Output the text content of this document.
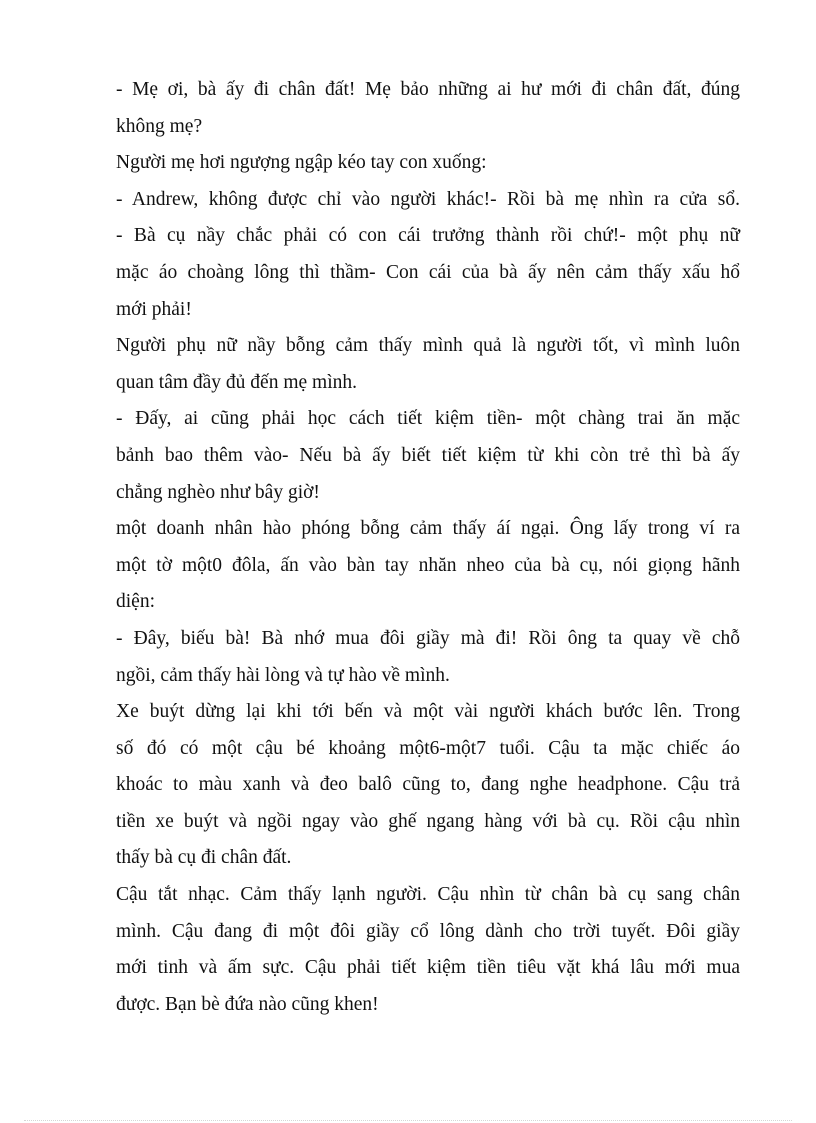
- Mẹ ơi, bà ấy đi chân đất! Mẹ bảo những ai hư mới đi chân đất, đúng
không mẹ?
Người mẹ hơi ngượng ngập kéo tay con xuống:
- Andrew, không được chỉ vào người khác!- Rồi bà mẹ nhìn ra cửa sổ.
- Bà cụ nầy chắc phải có con cái trưởng thành rồi chứ!- một phụ nữ
mặc áo choàng lông thì thầm- Con cái của bà ấy nên cảm thấy xấu hổ
mới phải!
Người phụ nữ nầy bỗng cảm thấy mình quả là người tốt, vì mình luôn
quan tâm đầy đủ đến mẹ mình.
- Đấy, ai cũng phải học cách tiết kiệm tiền- một chàng trai ăn mặc
bảnh bao thêm vào- Nếu bà ấy biết tiết kiệm từ khi còn trẻ thì bà ấy
chẳng nghèo như bây giờ!
một doanh nhân hào phóng bỗng cảm thấy áí ngại. Ông lấy trong ví ra
một tờ một0 đôla, ấn vào bàn tay nhăn nheo của bà cụ, nói giọng hãnh
diện:
- Đây, biếu bà! Bà nhớ mua đôi giầy mà đi! Rồi ông ta quay về chỗ
ngồi, cảm thấy hài lòng và tự hào về mình.
Xe buýt dừng lại khi tới bến và một vài người khách bước lên. Trong
số đó có một cậu bé khoảng một6-một7 tuổi. Cậu ta mặc chiếc áo
khoác to màu xanh và đeo balô cũng to, đang nghe headphone. Cậu trả
tiền xe buýt và ngồi ngay vào ghế ngang hàng với bà cụ. Rồi cậu nhìn
thấy bà cụ đi chân đất.
Cậu tắt nhạc. Cảm thấy lạnh người. Cậu nhìn từ chân bà cụ sang chân
mình. Cậu đang đi một đôi giầy cổ lông dành cho trời tuyết. Đôi giầy
mới tinh và ấm sực. Cậu phải tiết kiệm tiền tiêu vặt khá lâu mới mua
được. Bạn bè đứa nào cũng khen!
